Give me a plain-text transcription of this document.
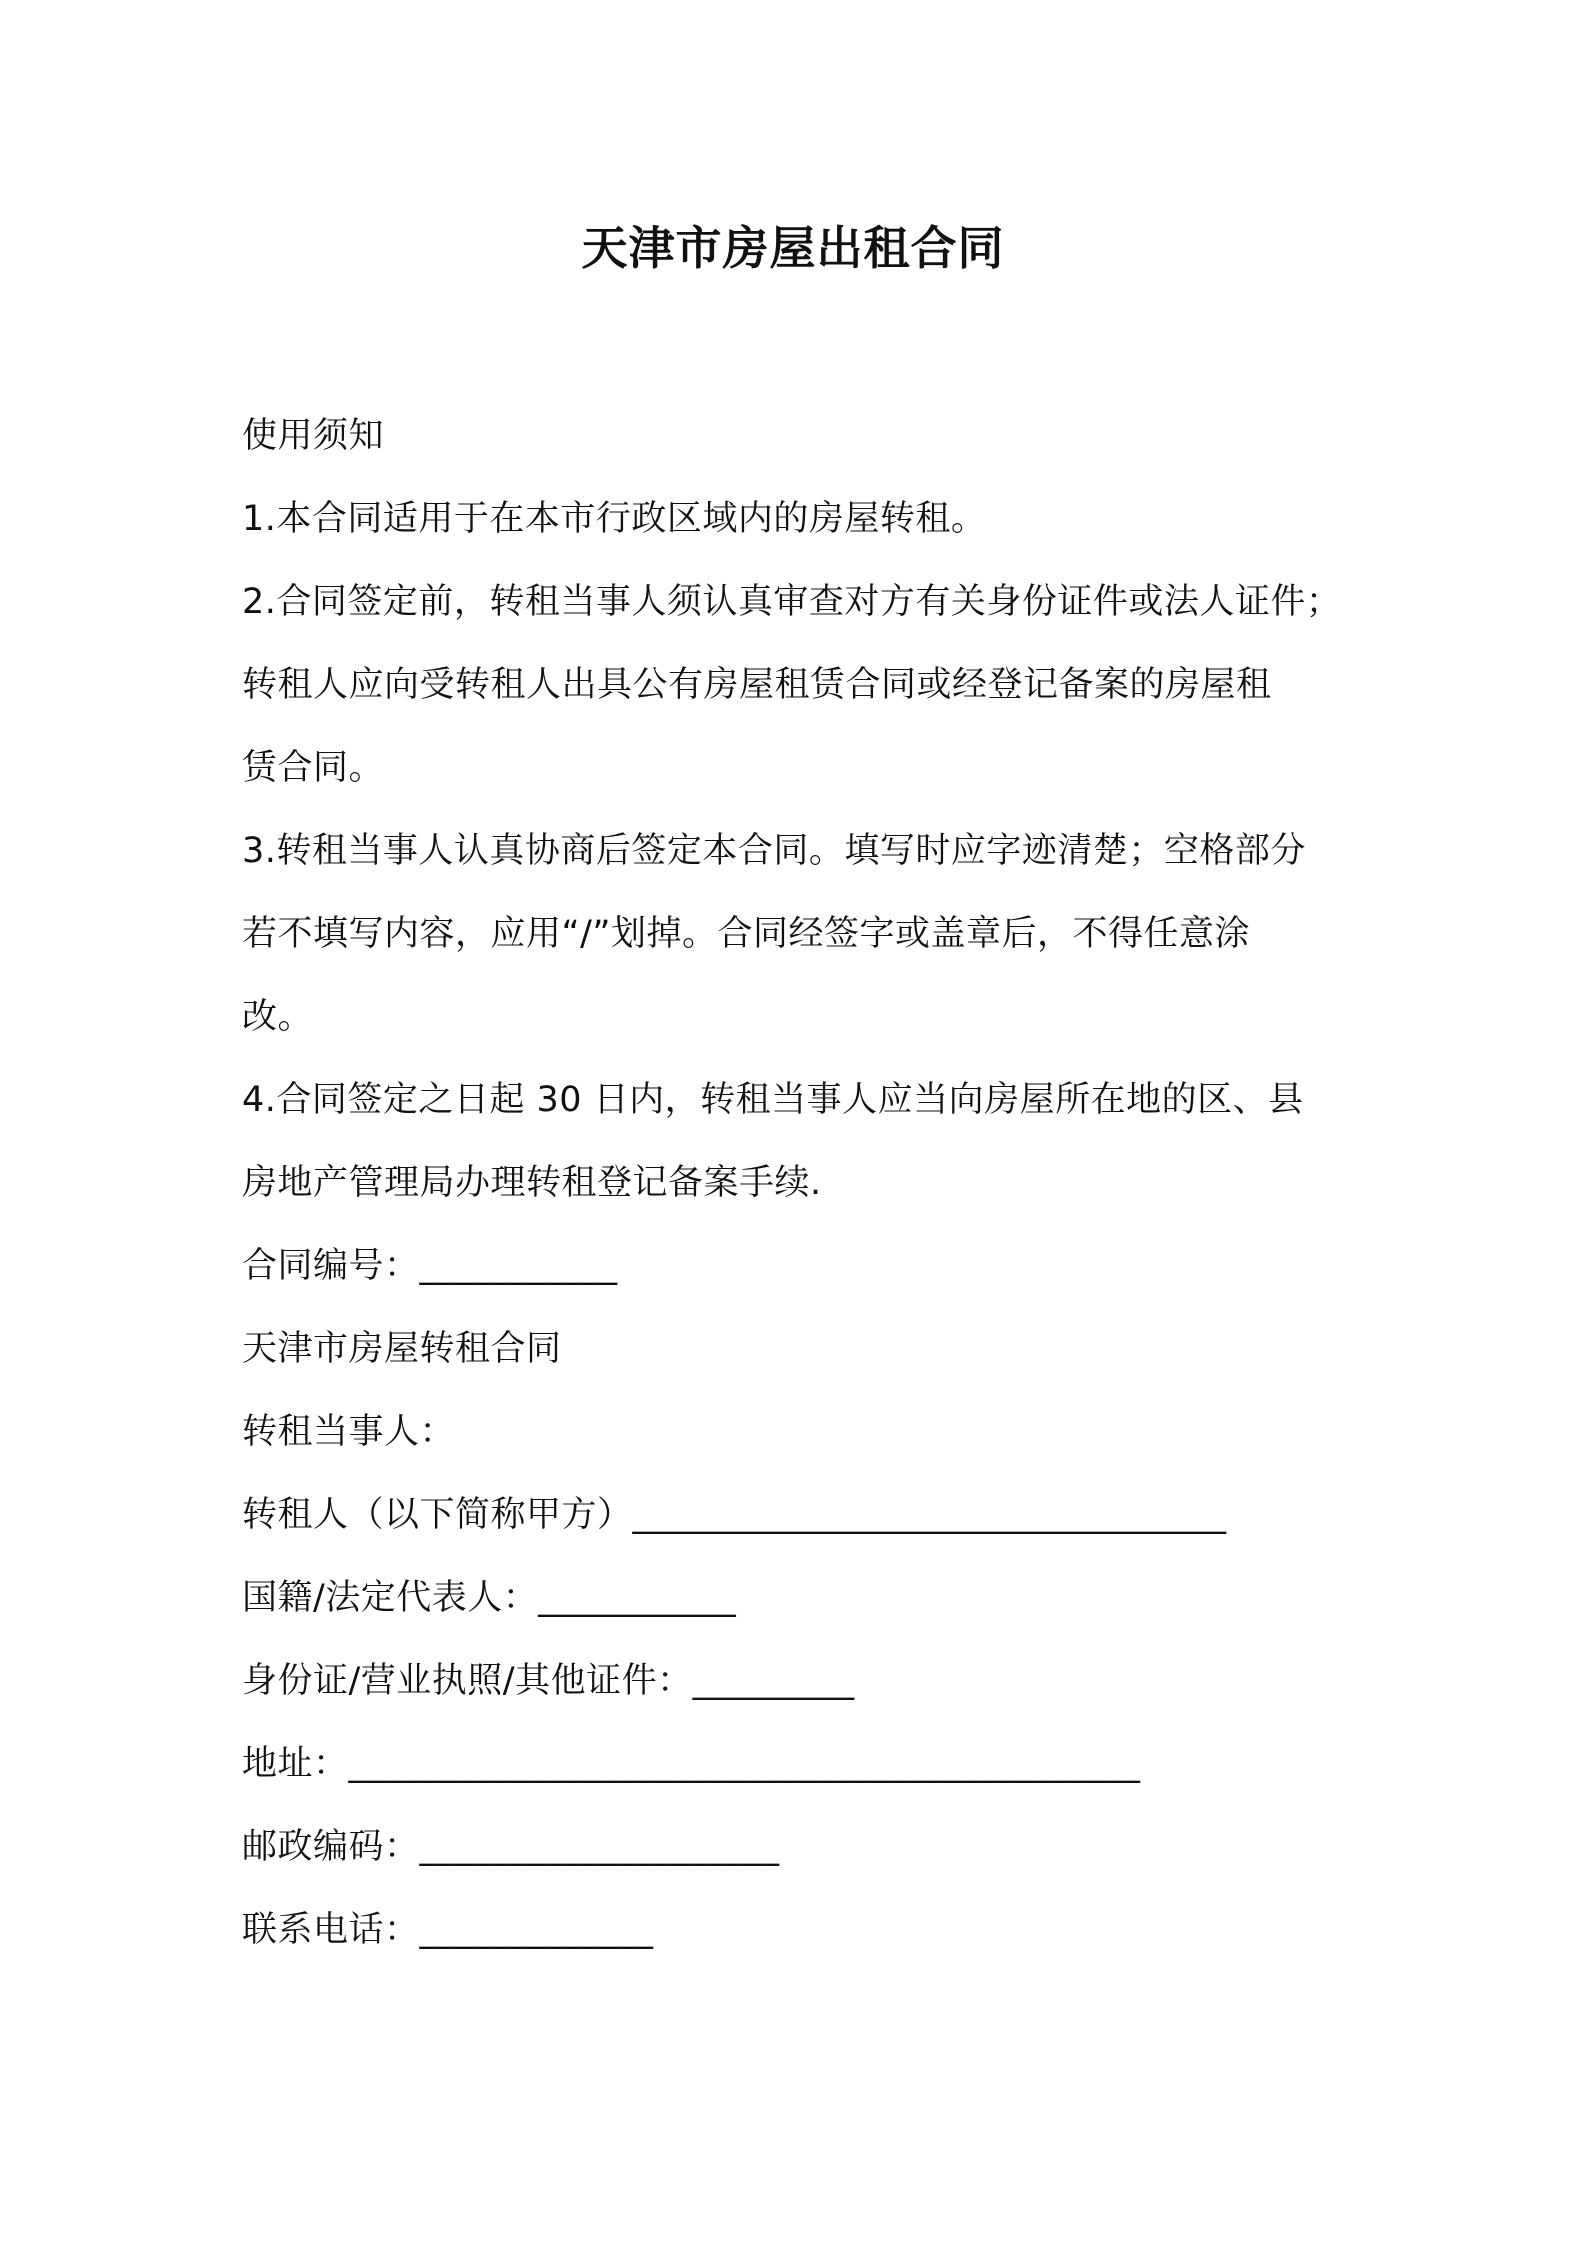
天津市房屋出租合同
使用须知
1.本合同适用于在本市行政区域内的房屋转租。
2.合同签定前，转租当事人须认真审查对方有关身份证件或法人证件；
转租人应向受转租人出具公有房屋租赁合同或经登记备案的房屋租
赁合同。
3.转租当事人认真协商后签定本合同。填写时应字迹清楚；空格部分
若不填写内容，应用“/”划掉。合同经签字或盖章后，不得任意涂
改。
4.合同签定之日起 30 日内，转租当事人应当向房屋所在地的区、县
房地产管理局办理转租登记备案手续.
合同编号：___________
天津市房屋转租合同
转租当事人：
转租人（以下简称甲方）_________________________________
国籍/法定代表人：___________
身份证/营业执照/其他证件：_________
地址：____________________________________________
邮政编码：____________________
联系电话：_____________
